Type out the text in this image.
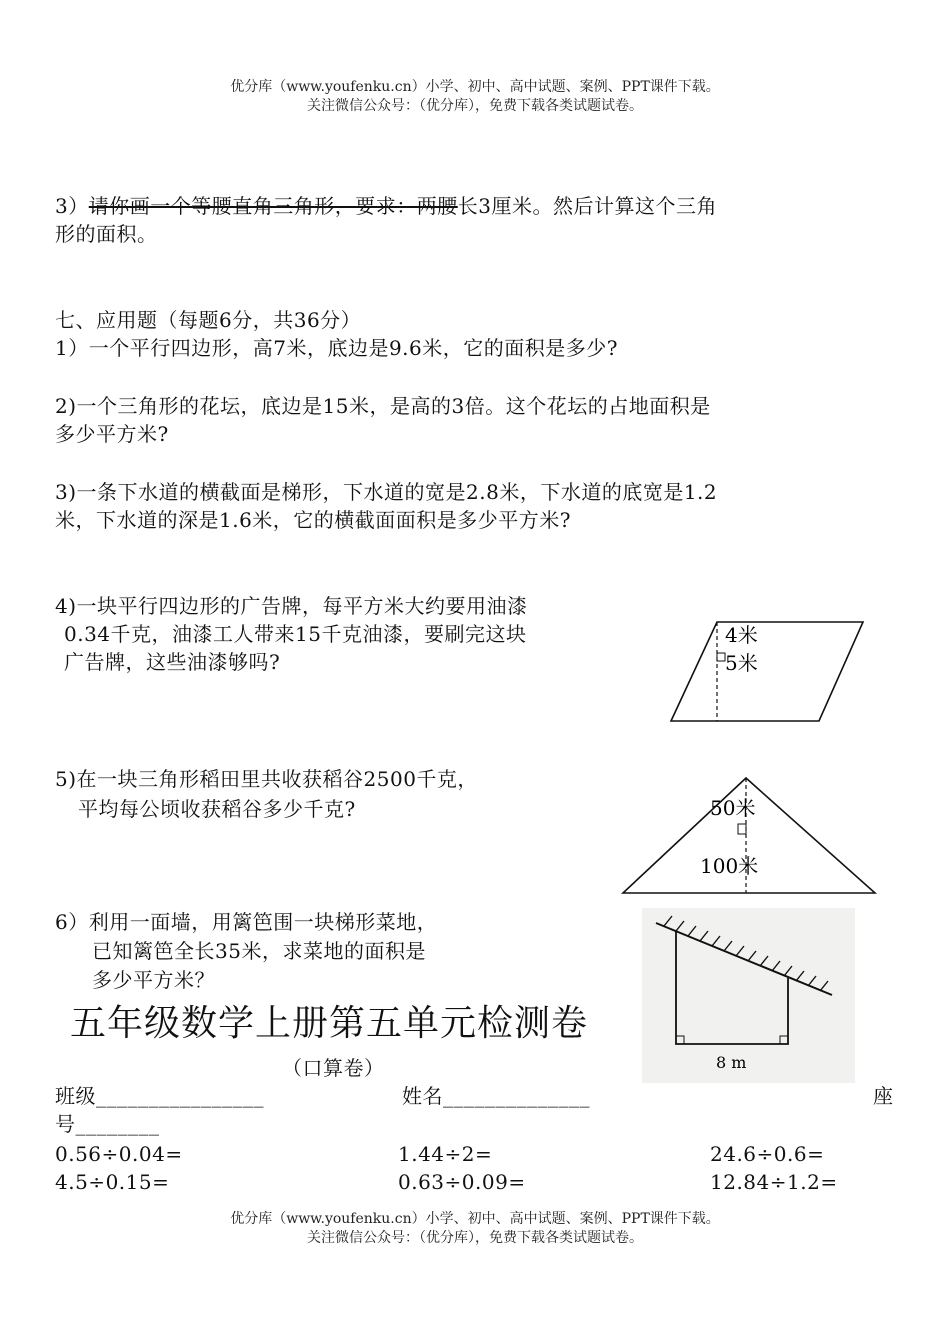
优分库（www.youfenku.cn）小学、初中、高中试题、案例、PPT课件下载。
关注微信公众号：（优分库），免费下载各类试题试卷。
3）请你画一个等腰直角三角形，要求：两腰长3厘米。然后计算这个三角
形的面积。
七、应用题（每题6分，共36分）
1）一个平行四边形，高7米，底边是9.6米，它的面积是多少?
2)一个三角形的花坛，底边是15米，是高的3倍。这个花坛的占地面积是
多少平方米?
3)一条下水道的横截面是梯形，下水道的宽是2.8米，下水道的底宽是1.2
米，下水道的深是1.6米，它的横截面面积是多少平方米?
4)一块平行四边形的广告牌，每平方米大约要用油漆
0.34千克，油漆工人带来15千克油漆，要刷完这块
广告牌，这些油漆够吗?
4米
5米
5)在一块三角形稻田里共收获稻谷2500千克，
平均每公顷收获稻谷多少千克?	50米
100米
6）利用一面墙，用篱笆围一块梯形菜地，
已知篱笆全长35米，求菜地的面积是
多少平方米？
8 m
五年级数学上册第五单元检测卷
（口算卷）
班级________________	姓名______________	座
号________
0.56÷0.04=	1.44÷2=	24.6÷0.6=
4.5÷0.15=	0.63÷0.09=	12.84÷1.2=
优分库（www.youfenku.cn）小学、初中、高中试题、案例、PPT课件下载。
关注微信公众号：（优分库），免费下载各类试题试卷。
